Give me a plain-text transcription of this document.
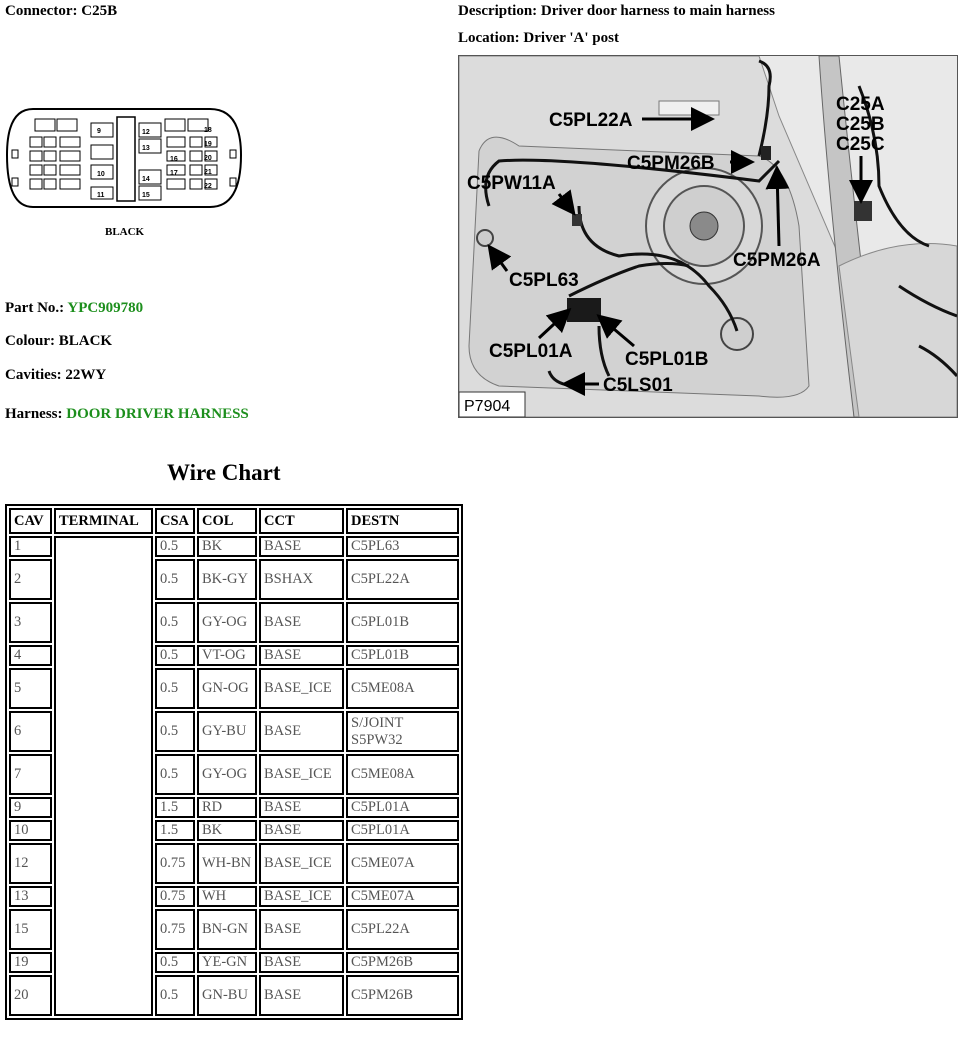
Connector: C25B	Description: Driver door harness to main harness
Location: Driver 'A' post
9	12
13
14
15
16
10
11
17
18
19
20
21
22
BLACK
Part No.: YPC909780
Colour: BLACK
Cavities: 22WY
Harness: DOOR DRIVER HARNESS
Wire Chart
CAV	TERMINAL	CSA	COL	CCT	DESTN
1		0.5	BK	BASE	C5PL63
2		0.5	BK-GY	BSHAX	C5PL22A
3		0.5	GY-OG	BASE	C5PL01B
4		0.5	VT-OG	BASE	C5PL01B
5		0.5	GN-OG	BASE_ICE	C5ME08A
6		0.5	GY-BU	BASE	S/JOINT S5PW32
7		0.5	GY-OG	BASE_ICE	C5ME08A
9		1.5	RD	BASE	C5PL01A
10		1.5	BK	BASE	C5PL01A
12		0.75	WH-BN	BASE_ICE	C5ME07A
13		0.75	WH	BASE_ICE	C5ME07A
15		0.75	BN-GN	BASE	C5PL22A
19		0.5	YE-GN	BASE	C5PM26B
20		0.5	GN-BU	BASE	C5PM26B
C5PL22A
C5PM26B
C5PW11A
C5PL63
C5PM26A
C5PL01A	C5PL01B
C5LS01
C25A
C25B
C25C
P7904
